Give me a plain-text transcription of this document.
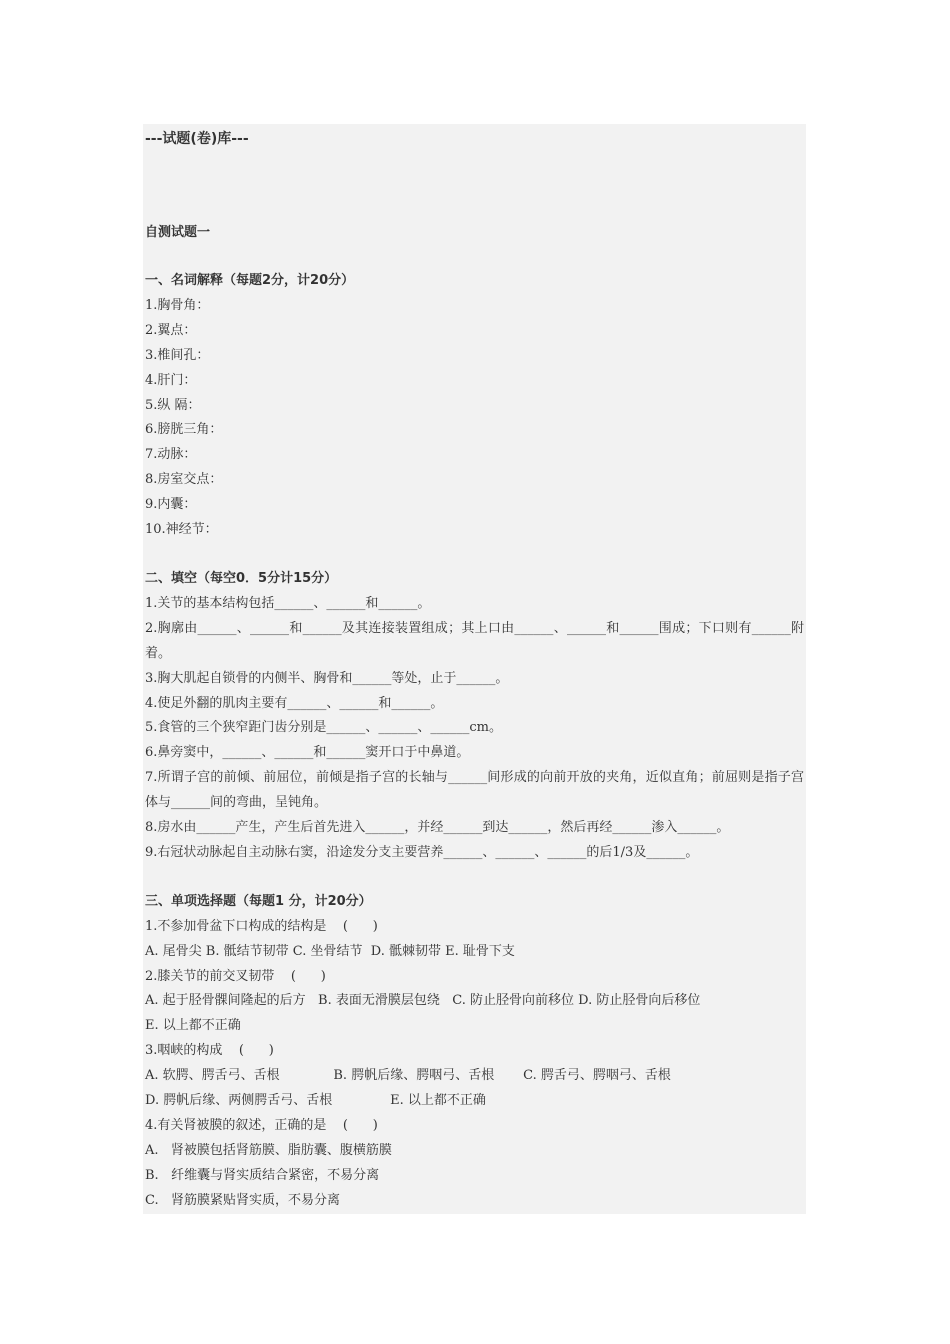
---试题(卷)库---
自测试题一
一、名词解释（每题2分，计20分）
1.胸骨角：
2.翼点：
3.椎间孔：
4.肝门：
5.纵 隔：
6.膀胱三角：
7.动脉：
8.房室交点：
9.内囊：
10.神经节：
二、填空（每空0．5分计15分）
1.关节的基本结构包括______、______和______。
2.胸廓由______、______和______及其连接装置组成；其上口由______、______和______围成；下口则有______附着。
3.胸大肌起自锁骨的内侧半、胸骨和______等处，止于______。
4.使足外翻的肌肉主要有______、______和______。
5.食管的三个狭窄距门齿分别是______、______、______cm。
6.鼻旁窦中，______、______和______窦开口于中鼻道。
7.所谓子宫的前倾、前屈位，前倾是指子宫的长轴与______间形成的向前开放的夹角，近似直角；前屈则是指子宫体与______间的弯曲，呈钝角。
8.房水由______产生，产生后首先进入______，并经______到达______，然后再经______渗入______。
9.右冠状动脉起自主动脉右窦，沿途发分支主要营养______、______、______的后1/3及______。
三、单项选择题（每题1 分，计20分）
1.不参加骨盆下口构成的结构是    (      )
A. 尾骨尖 B. 骶结节韧带 C. 坐骨结节  D. 骶棘韧带 E. 耻骨下支
2.膝关节的前交叉韧带    (      )
A. 起于胫骨髁间隆起的后方   B. 表面无滑膜层包绕   C. 防止胫骨向前移位 D. 防止胫骨向后移位
E. 以上都不正确
3.咽峡的构成    (      )
A. 软腭、腭舌弓、舌根             B. 腭帆后缘、腭咽弓、舌根       C. 腭舌弓、腭咽弓、舌根
D. 腭帆后缘、两侧腭舌弓、舌根              E. 以上都不正确
4.有关肾被膜的叙述，正确的是    (      )
A.   肾被膜包括肾筋膜、脂肪囊、腹横筋膜
B.   纤维囊与肾实质结合紧密，不易分离
C.   肾筋膜紧贴肾实质，不易分离
